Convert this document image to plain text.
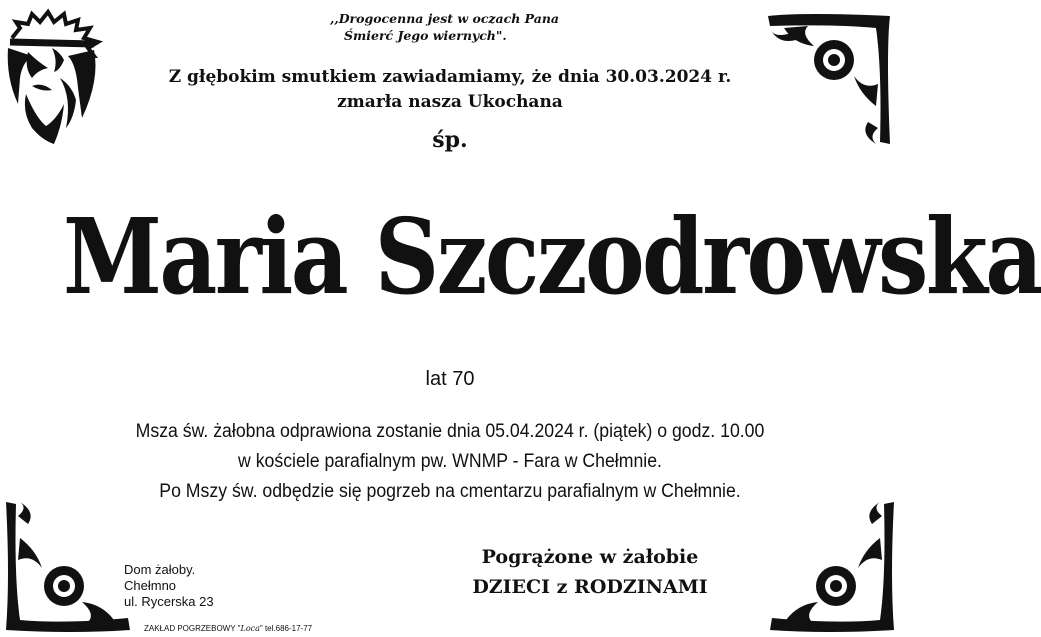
,,Drogocenna jest w oczach Pana
Śmierć Jego wiernych".
Z głębokim smutkiem zawiadamiamy, że dnia 30.03.2024 r.
zmarła nasza Ukochana
śp.
Maria Szczodrowska
lat 70
Msza św. żałobna odprawiona zostanie dnia 05.04.2024 r. (piątek) o godz. 10.00
w kościele parafialnym pw. WNMP - Fara w Chełmnie.
Po Mszy św. odbędzie się pogrzeb na cmentarzu parafialnym w Chełmnie.
Pogrążone w żałobie
DZIECI z RODZINAMI
Dom żałoby.
Chełmno
ul. Rycerska 23
ZAKŁAD POGRZEBOWY "Loca" tel.686-17-77
